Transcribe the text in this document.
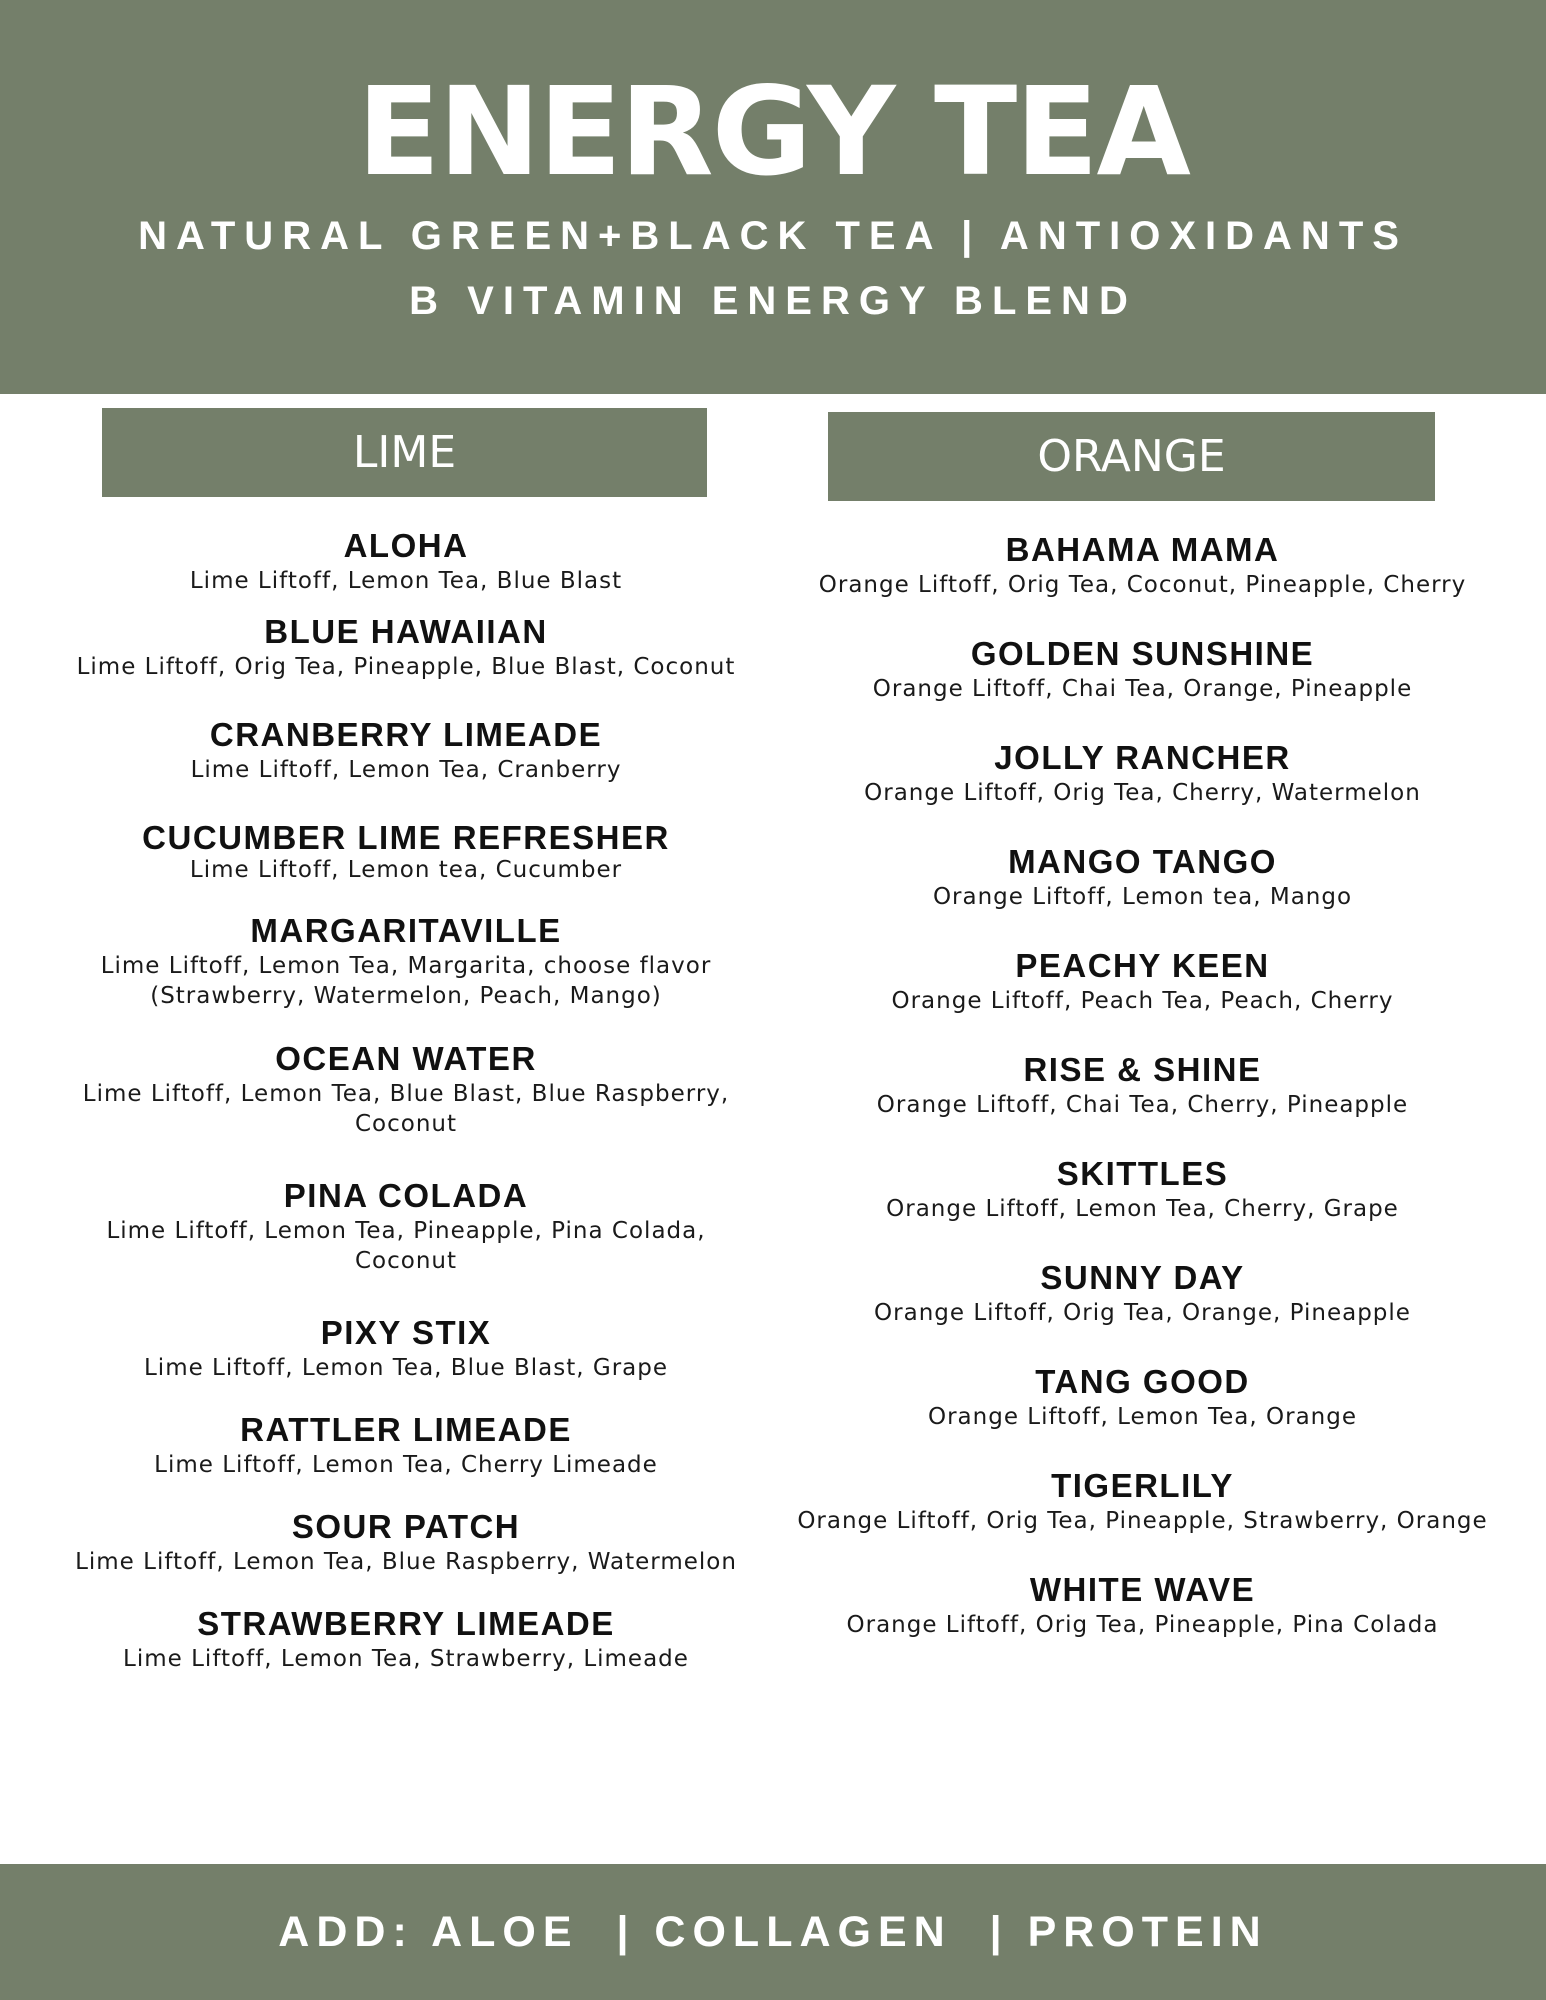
ENERGY TEA
NATURAL GREEN+BLACK TEA | ANTIOXIDANTS
B VITAMIN ENERGY BLEND
LIME	ORANGE
ALOHA
Lime Liftoff, Lemon Tea, Blue Blast
BLUE HAWAIIAN
Lime Liftoff, Orig Tea, Pineapple, Blue Blast, Coconut
CRANBERRY LIMEADE
Lime Liftoff, Lemon Tea, Cranberry
CUCUMBER LIME REFRESHER
Lime Liftoff, Lemon tea, Cucumber
MARGARITAVILLE
Lime Liftoff, Lemon Tea, Margarita, choose flavor
(Strawberry, Watermelon, Peach, Mango)
OCEAN WATER
Lime Liftoff, Lemon Tea, Blue Blast, Blue Raspberry,
Coconut
PINA COLADA
Lime Liftoff, Lemon Tea, Pineapple, Pina Colada,
Coconut
PIXY STIX
Lime Liftoff, Lemon Tea, Blue Blast, Grape
RATTLER LIMEADE
Lime Liftoff, Lemon Tea, Cherry Limeade
SOUR PATCH
Lime Liftoff, Lemon Tea, Blue Raspberry, Watermelon
STRAWBERRY LIMEADE
Lime Liftoff, Lemon Tea, Strawberry, Limeade
BAHAMA MAMA
Orange Liftoff, Orig Tea, Coconut, Pineapple, Cherry
GOLDEN SUNSHINE
Orange Liftoff, Chai Tea, Orange, Pineapple
JOLLY RANCHER
Orange Liftoff, Orig Tea, Cherry, Watermelon
MANGO TANGO
Orange Liftoff, Lemon tea, Mango
PEACHY KEEN
Orange Liftoff, Peach Tea, Peach, Cherry
RISE & SHINE
Orange Liftoff, Chai Tea, Cherry, Pineapple
SKITTLES
Orange Liftoff, Lemon Tea, Cherry, Grape
SUNNY DAY
Orange Liftoff, Orig Tea, Orange, Pineapple
TANG GOOD
Orange Liftoff, Lemon Tea, Orange
TIGERLILY
Orange Liftoff, Orig Tea, Pineapple, Strawberry, Orange
WHITE WAVE
Orange Liftoff, Orig Tea, Pineapple, Pina Colada
ADD: ALOE  | COLLAGEN  | PROTEIN
